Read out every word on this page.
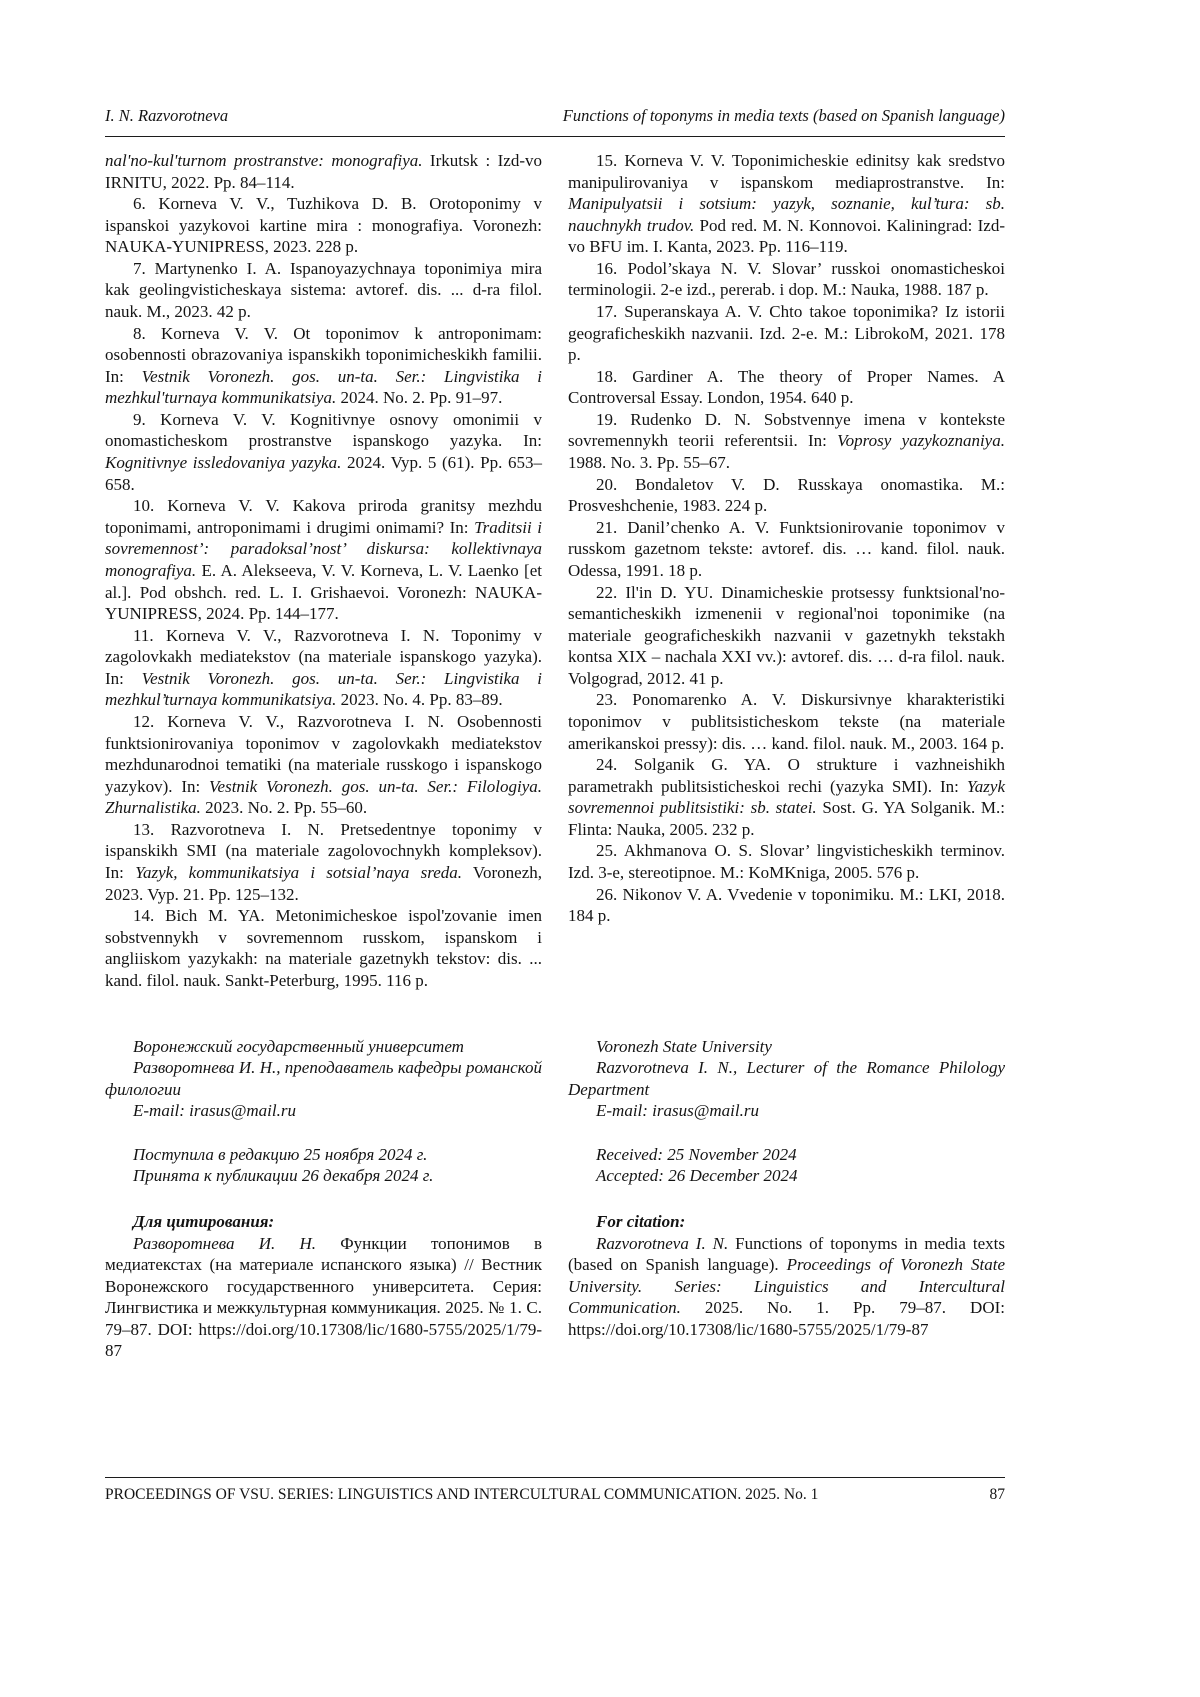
I. N. Razvorotneva	Functions of toponyms in media texts (based on Spanish language)

nal'no-kul'turnom prostranstve: monografiya. Irkutsk : Izd-vo IRNITU, 2022. Pp. 84–114.

6. Korneva V. V., Tuzhikova D. B. Orotoponimy v ispanskoi yazykovoi kartine mira : monografiya. Voronezh: NAUKA-YUNIPRESS, 2023. 228 p.

7. Martynenko I. A. Ispanoyazychnaya toponimiya mira kak geolingvisticheskaya sistema: avtoref. dis. ... d-ra filol. nauk. M., 2023. 42 p.

8. Korneva V. V. Ot toponimov k antroponimam: osobennosti obrazovaniya ispanskikh toponimicheskikh familii. In: Vestnik Voronezh. gos. un-ta. Ser.: Lingvistika i mezhkul'turnaya kommunikatsiya. 2024. No. 2. Pp. 91–97.

9. Korneva V. V. Kognitivnye osnovy omonimii v onomasticheskom prostranstve ispanskogo yazyka. In: Kognitivnye issledovaniya yazyka. 2024. Vyp. 5 (61). Pp. 653–658.

10. Korneva V. V. Kakova priroda granitsy mezhdu toponimami, antroponimami i drugimi onimami? In: Traditsii i sovremennost’: paradoksal’nost’ diskursa: kollektivnaya monografiya. E. A. Alekseeva, V. V. Korneva, L. V. Laenko [et al.]. Pod obshch. red. L. I. Grishaevoi. Voronezh: NAUKA-YUNIPRESS, 2024. Pp. 144–177.

11. Korneva V. V., Razvorotneva I. N. Toponimy v zagolovkakh mediatekstov (na materiale ispanskogo yazyka). In: Vestnik Voronezh. gos. un-ta. Ser.: Lingvistika i mezhkul’turnaya kommunikatsiya. 2023. No. 4. Pp. 83–89.

12. Korneva V. V., Razvorotneva I. N. Osobennosti funktsionirovaniya toponimov v zagolovkakh mediatekstov mezhdunarodnoi tematiki (na materiale russkogo i ispanskogo yazykov). In: Vestnik Voronezh. gos. un-ta. Ser.: Filologiya. Zhurnalistika. 2023. No. 2. Pp. 55–60.

13. Razvorotneva I. N. Pretsedentnye toponimy v ispanskikh SMI (na materiale zagolovochnykh kompleksov). In: Yazyk, kommunikatsiya i sotsial’naya sreda. Voronezh, 2023. Vyp. 21. Pp. 125–132.

14. Bich M. YA. Metonimicheskoe ispol'zovanie imen sobstvennykh v sovremennom russkom, ispanskom i angliiskom yazykakh: na materiale gazetnykh tekstov: dis. ... kand. filol. nauk. Sankt-Peterburg, 1995. 116 p.

15. Korneva V. V. Toponimicheskie edinitsy kak sredstvo manipulirovaniya v ispanskom mediaprostranstve. In: Manipulyatsii i sotsium: yazyk, soznanie, kul’tura: sb. nauchnykh trudov. Pod red. M. N. Konnovoi. Kaliningrad: Izd-vo BFU im. I. Kanta, 2023. Pp. 116–119.

16. Podol’skaya N. V. Slovar’ russkoi onomasticheskoi terminologii. 2-e izd., pererab. i dop. M.: Nauka, 1988. 187 p.

17. Superanskaya A. V. Chto takoe toponimika? Iz istorii geograficheskikh nazvanii. Izd. 2-e. M.: LibrokoM, 2021. 178 p.

18. Gardiner A. The theory of Proper Names. A Controversal Essay. London, 1954. 640 p.

19. Rudenko D. N. Sobstvennye imena v kontekste sovremennykh teorii referentsii. In: Voprosy yazykoznaniya. 1988. No. 3. Pp. 55–67.

20. Bondaletov V. D. Russkaya onomastika. M.: Prosveshchenie, 1983. 224 p.

21. Danil’chenko A. V. Funktsionirovanie toponimov v russkom gazetnom tekste: avtoref. dis. … kand. filol. nauk. Odessa, 1991. 18 p.

22. Il'in D. YU. Dinamicheskie protsessy funktsional'no-semanticheskikh izmenenii v regional'noi toponimike (na materiale geograficheskikh nazvanii v gazetnykh tekstakh kontsa XIX – nachala XXI vv.): avtoref. dis. … d-ra filol. nauk. Volgograd, 2012. 41 p.

23. Ponomarenko A. V. Diskursivnye kharakteristiki toponimov v publitsisticheskom tekste (na materiale amerikanskoi pressy): dis. … kand. filol. nauk. M., 2003. 164 p.

24. Solganik G. YA. O strukture i vazhneishikh parametrakh publitsisticheskoi rechi (yazyka SMI). In: Yazyk sovremennoi publitsistiki: sb. statei. Sost. G. YA Solganik. M.: Flinta: Nauka, 2005. 232 p.

25. Akhmanova O. S. Slovar’ lingvisticheskikh terminov. Izd. 3-e, stereotipnoe. M.: KoMKniga, 2005. 576 p.

26. Nikonov V. A. Vvedenie v toponimiku. M.: LKI, 2018. 184 p.

Воронежский государственный университет

Разворотнева И. Н., преподаватель кафедры романской филологии

E-mail: irasus@mail.ru

Voronezh State University

Razvorotneva I. N., Lecturer of the Romance Philology Department

E-mail: irasus@mail.ru

Поступила в редакцию 25 ноября 2024 г.

Принята к публикации 26 декабря 2024 г.

Received: 25 November 2024

Accepted: 26 December 2024

Для цитирования:

Разворотнева И. Н. Функции топонимов в медиатекстах (на материале испанского языка) // Вестник Воронежского государственного университета. Серия: Лингвистика и межкультурная коммуникация. 2025. № 1. С. 79–87. DOI: https://doi.org/10.17308/lic/1680-5755/2025/1/79-87

For citation:

Razvorotneva I. N. Functions of toponyms in media texts (based on Spanish language). Proceedings of Voronezh State University. Series: Linguistics and Intercultural Communication. 2025. No. 1. Pp. 79–87. DOI: https://doi.org/10.17308/lic/1680-5755/2025/1/79-87

PROCEEDINGS OF VSU. SERIES: LINGUISTICS AND INTERCULTURAL COMMUNICATION. 2025. No. 1	87
